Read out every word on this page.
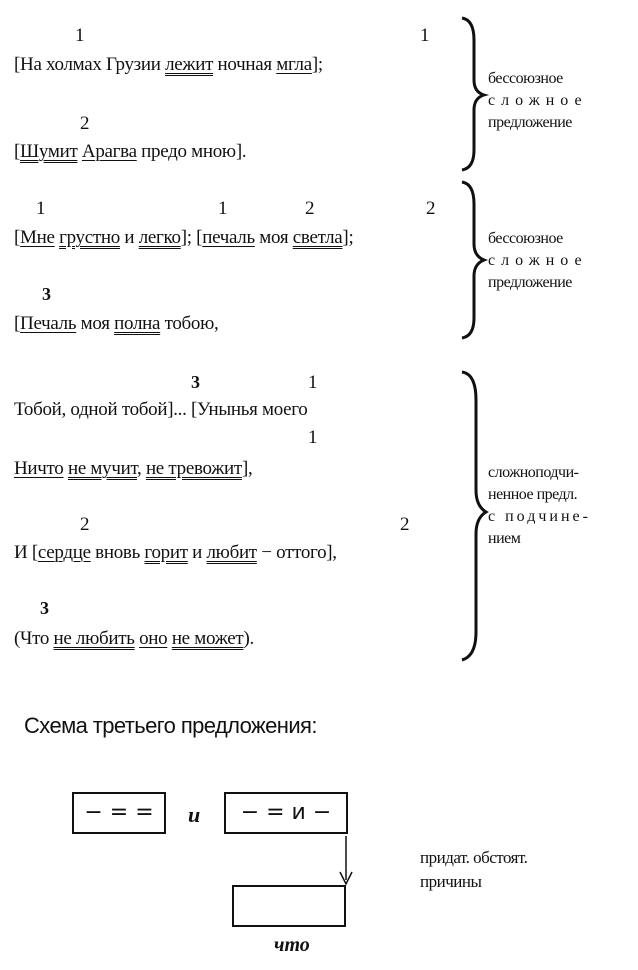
1	1
[На холмах Грузии лежит ночная мгла];
2
[Шумит Арагва предо мною].
бессоюзное
сложное
предложение
1	1	2	2
[Мне грустно и легко]; [печаль моя светла];
3
[Печаль моя полна тобою,
бессоюзное
сложное
предложение
3	1
Тобой, одной тобой]... [Унынья моего
1
Ничто не мучит, не тревожит],
2	2
И [сердце вновь горит и любит − оттого],
3
(Что не любить оно не может).
сложноподчи-
ненное предл.
с подчине-
нием
Схема третьего предложения:
− = =	и	− = и −
что
придат. обстоят.
причины
